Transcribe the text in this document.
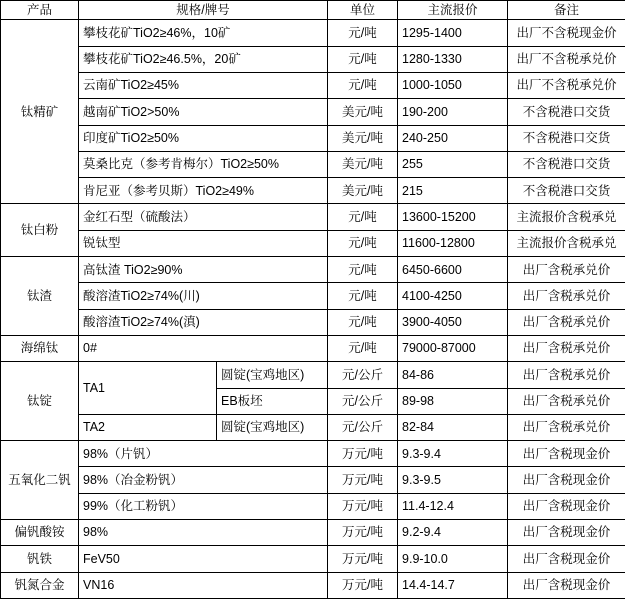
产品	规格/牌号		单位	主流报价	备注
钛精矿	攀枝花矿TiO2≥46%，10矿		元/吨	1295-1400	出厂不含税现金价
	攀枝花矿TiO2≥46.5%，20矿		元/吨	1280-1330	出厂不含税承兑价
	云南矿TiO2≥45%		元/吨	1000-1050	出厂不含税承兑价
	越南矿TiO2>50%		美元/吨	190-200	不含税港口交货
	印度矿TiO2≥50%		美元/吨	240-250	不含税港口交货
	莫桑比克（参考肯梅尔）TiO2≥50%		美元/吨	255	不含税港口交货
	肯尼亚（参考贝斯）TiO2≥49%		美元/吨	215	不含税港口交货
钛白粉	金红石型（硫酸法）		元/吨	13600-15200	主流报价含税承兑
	锐钛型		元/吨	11600-12800	主流报价含税承兑
钛渣	高钛渣 TiO2≥90%		元/吨	6450-6600	出厂含税承兑价
	酸溶渣TiO2≥74%(川)		元/吨	4100-4250	出厂含税承兑价
	酸溶渣TiO2≥74%(滇)		元/吨	3900-4050	出厂含税承兑价
海绵钛	0#		元/吨	79000-87000	出厂含税承兑价
钛锭	TA1	圆锭(宝鸡地区)	元/公斤	84-86	出厂含税承兑价
		EB板坯	元/公斤	89-98	出厂含税承兑价
	TA2	圆锭(宝鸡地区)	元/公斤	82-84	出厂含税承兑价
五氧化二钒	98%（片钒）		万元/吨	9.3-9.4	出厂含税现金价
	98%（冶金粉钒）		万元/吨	9.3-9.5	出厂含税现金价
	99%（化工粉钒）		万元/吨	11.4-12.4	出厂含税现金价
偏钒酸铵	98%		万元/吨	9.2-9.4	出厂含税现金价
钒铁	FeV50		万元/吨	9.9-10.0	出厂含税现金价
钒氮合金	VN16		万元/吨	14.4-14.7	出厂含税现金价
